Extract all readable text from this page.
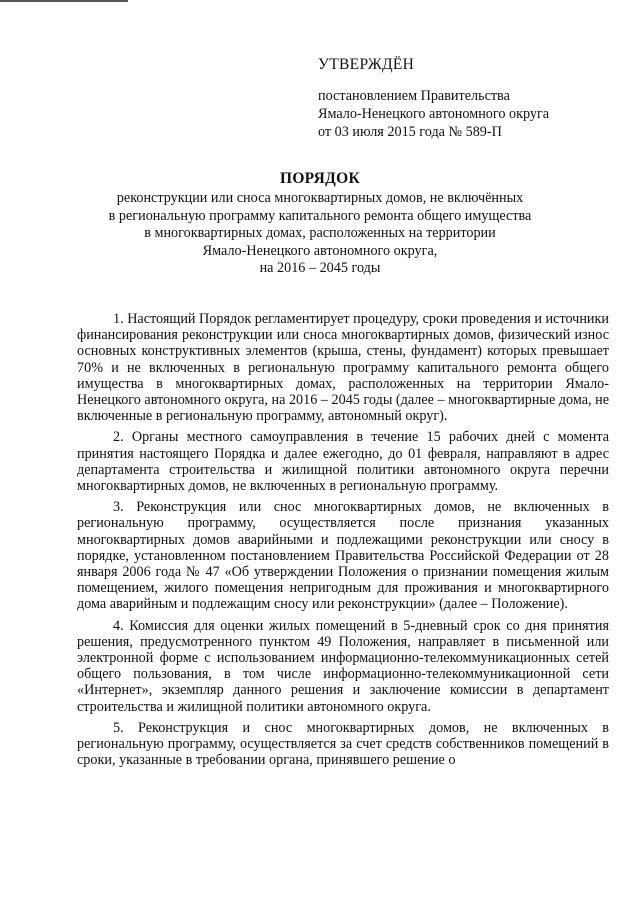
УТВЕРЖДЁН
постановлением Правительства
Ямало-Ненецкого автономного округа
от 03 июля 2015 года № 589-П
ПОРЯДОК
реконструкции или сноса многоквартирных домов, не включённых
в региональную программу капитального ремонта общего имущества
в многоквартирных домах, расположенных на территории
Ямало-Ненецкого автономного округа,
на 2016 – 2045 годы

1. Настоящий Порядок регламентирует процедуру, сроки проведения и источники финансирования реконструкции или сноса многоквартирных домов, физический износ основных конструктивных элементов (крыша, стены, фундамент) которых превышает 70% и не включенных в региональную программу капитального ремонта общего имущества в многоквартирных домах, расположенных на территории Ямало-Ненецкого автономного округа, на 2016 – 2045 годы (далее – многоквартирные дома, не включенные в региональную программу, автономный округ).

2. Органы местного самоуправления в течение 15 рабочих дней с момента принятия настоящего Порядка и далее ежегодно, до 01 февраля, направляют в адрес департамента строительства и жилищной политики автономного округа перечни многоквартирных домов, не включенных в региональную программу.

3. Реконструкция или снос многоквартирных домов, не включенных в региональную программу, осуществляется после признания указанных многоквартирных домов аварийными и подлежащими реконструкции или сносу в порядке, установленном постановлением Правительства Российской Федерации от 28 января 2006 года № 47 «Об утверждении Положения о признании помещения жилым помещением, жилого помещения непригодным для проживания и многоквартирного дома аварийным и подлежащим сносу или реконструкции» (далее – Положение).

4. Комиссия для оценки жилых помещений в 5-дневный срок со дня принятия решения, предусмотренного пунктом 49 Положения, направляет в письменной или электронной форме с использованием информационно-телекоммуникационных сетей общего пользования, в том числе информационно-телекоммуникационной сети «Интернет», экземпляр данного решения и заключение комиссии в департамент строительства и жилищной политики автономного округа.

5. Реконструкция и снос многоквартирных домов, не включенных в региональную программу, осуществляется за счет средств собственников помещений в сроки, указанные в требовании органа, принявшего решение о
